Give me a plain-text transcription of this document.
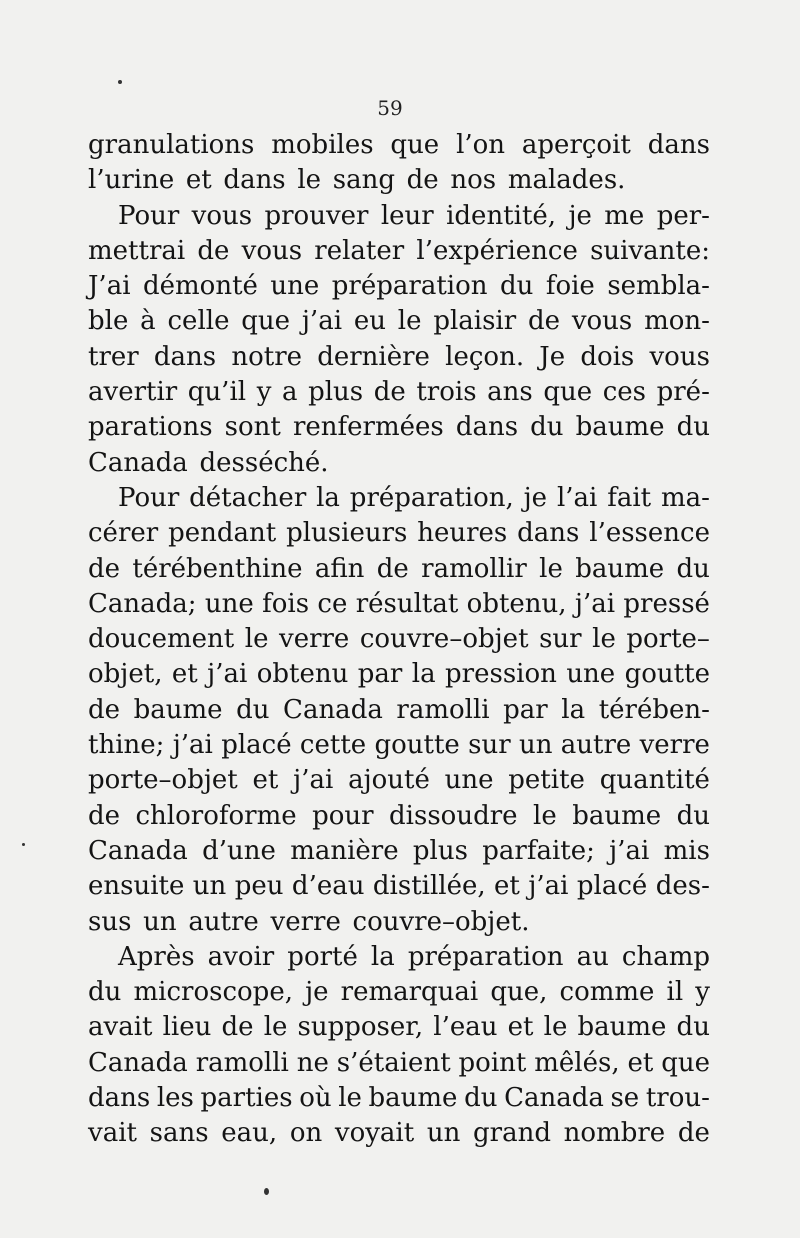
59
granulations mobiles que l’on aperçoit dans
l’urine et dans le sang de nos malades.
Pour vous prouver leur identité, je me per-
mettrai de vous relater l’expérience suivante:
J’ai démonté une préparation du foie sembla-
ble à celle que j’ai eu le plaisir de vous mon-
trer dans notre dernière leçon. Je dois vous
avertir qu’il y a plus de trois ans que ces pré-
parations sont renfermées dans du baume du
Canada desséché.
Pour détacher la préparation, je l’ai fait ma-
cérer pendant plusieurs heures dans l’essence
de térébenthine afin de ramollir le baume du
Canada; une fois ce résultat obtenu, j’ai pressé
doucement le verre couvre–objet sur le porte–
objet, et j’ai obtenu par la pression une goutte
de baume du Canada ramolli par la térében-
thine; j’ai placé cette goutte sur un autre verre
porte–objet et j’ai ajouté une petite quantité
de chloroforme pour dissoudre le baume du
Canada d’une manière plus parfaite; j’ai mis
ensuite un peu d’eau distillée, et j’ai placé des-
sus un autre verre couvre–objet.
Après avoir porté la préparation au champ
du microscope, je remarquai que, comme il y
avait lieu de le supposer, l’eau et le baume du
Canada ramolli ne s’étaient point mêlés, et que
dans les parties où le baume du Canada se trou-
vait sans eau, on voyait un grand nombre de
